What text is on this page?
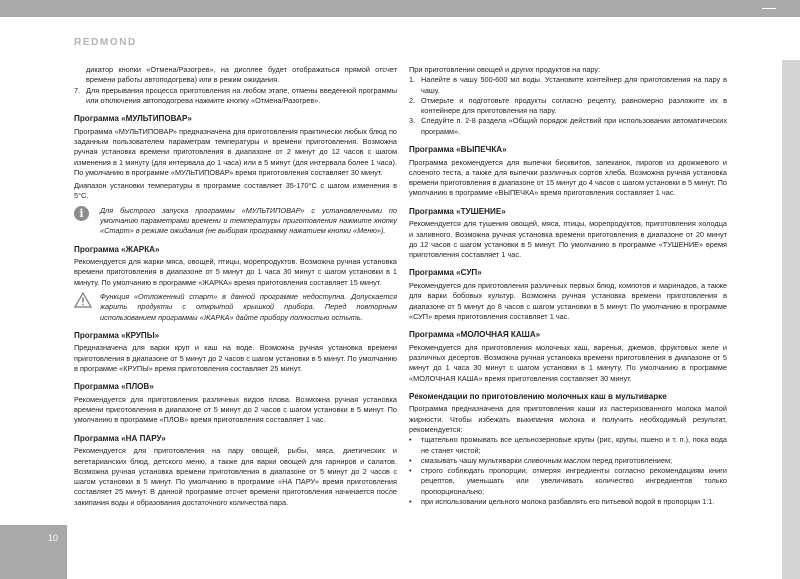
REDMOND
10

дикатор кнопки «Отмена/Разогрев», на дисплее будет отображаться прямой отсчет времени работы автоподогрева) или в режим ожидания.

7. Для прерывания процесса приготовления на любом этапе, отмены введенной программы или отключения автоподогрева нажмите кнопку «Отмена/Разогрев».

Программа «МУЛЬТИПОВАР»

Программа «МУЛЬТИПОВАР» предназначена для приготовления практически любых блюд по заданным пользователем параметрам температуры и времени приготовления. Возможна ручная установка времени приготовления в диапазоне от 2 минут до 12 часов с шагом изменения в 1 минуту (для интервала до 1 часа) или в 5 минут (для интервала более 1 часа). По умолчанию в программе «МУЛЬТИПОВАР» время приготовления составляет 30 минут.

Диапазон установки температуры в программе составляет 35-170°С с шагом изменения в 5°С.

i	Для быстрого запуска программы «МУЛЬТИПОВАР» с установленными по умолчанию параметрами времени и температуры приготовления нажмите кнопку «Старт» в режиме ожидания (не выбирая программу нажатием кнопки «Меню»).

Программа «ЖАРКА»

Рекомендуется для жарки мяса, овощей, птицы, морепродуктов. Возможна ручная установка времени приготовления в диапазоне от 5 минут до 1 часа 30 минут с шагом установки в 1 минуту. По умолчанию в программе «ЖАРКА» время приготовления составляет 15 минут.

Функция «Отложенный старт» в данной программе недоступна. Допускается жарить продукты с открытой крышкой прибора. Перед повторным использованием программы «ЖАРКА» дайте прибору полностью остыть.

Программа «КРУПЫ»

Предназначена для варки круп и каш на воде. Возможна ручная установка времени приготовления в диапазоне от 5 минут до 2 часов с шагом установки в 5 минут. По умолчанию в программе «КРУПЫ» время приготовления составляет 25 минут.

Программа «ПЛОВ»

Рекомендуется для приготовления различных видов плова. Возможна ручная установка времени приготовления в диапазоне от 5 минут до 2 часов с шагом установки в 5 минут. По умолчанию в программе «ПЛОВ» время приготовления составляет 1 час.

Программа «НА ПАРУ»

Рекомендуется для приготовления на пару овощей, рыбы, мяса, диетических и вегетарианских блюд, детского меню, а также для варки овощей для гарниров и салатов. Возможна ручная установка времени приготовления в диапазоне от 5 минут до 2 часов с шагом установки в 5 минут. По умолчанию в программе «НА ПАРУ» время приготовления составляет 25 минут. В данной программе отсчет времени приготовления начинается после закипания воды и образования достаточного количества пара.

При приготовлении овощей и других продуктов на пару:

1. Налейте в чашу 500-600 мл воды. Установите контейнер для приготовления на пару в чашу.

2. Отмерьте и подготовьте продукты согласно рецепту, равномерно разложите их в контейнере для приготовления на пару.

3. Следуйте п. 2-8 раздела «Общий порядок действий при использовании автоматических программ».

Программа «ВЫПЕЧКА»

Программа рекомендуется для выпечки бисквитов, запеканок, пирогов из дрожжевого и слоеного теста, а также для выпечки различных сортов хлеба. Возможна ручная установка времени приготовления в диапазоне от 15 минут до 4 часов с шагом установки в 5 минут. По умолчанию в программе «ВЫПЕЧКА» время приготовления составляет 1 час.

Программа «ТУШЕНИЕ»

Рекомендуется для тушения овощей, мяса, птицы, морепродуктов, приготовления холодца и заливного. Возможна ручная установка времени приготовления в диапазоне от 20 минут до 12 часов с шагом установки в 5 минут. По умолчанию в программе «ТУШЕНИЕ» время приготовления составляет 1 час.

Программа «СУП»

Рекомендуется для приготовления различных первых блюд, компотов и маринадов, а также для варки бобовых культур. Возможна ручная установка времени приготовления в диапазоне от 5 минут до 8 часов с шагом установки в 5 минут. По умолчанию в программе «СУП» время приготовления составляет 1 час.

Программа «МОЛОЧНАЯ КАША»

Рекомендуется для приготовления молочных каш, варенья, джемов, фруктовых желе и различных десертов. Возможна ручная установка времени приготовления в диапазоне от 5 минут до 1 часа 30 минут с шагом установки в 1 минуту. По умолчанию в программе «МОЛОЧНАЯ КАША» время приготовления составляет 30 минут.

Рекомендации по приготовлению молочных каш в мультиварке

Программа предназначена для приготовления каши из пастеризованного молока малой жирности. Чтобы избежать выкипания молока и получить необходимый результат, рекомендуется:

•	тщательно промывать все цельнозерновые крупы (рис, крупы, пшено и т. п.), пока вода не станет чистой;
•	смазывать чашу мультиварки сливочным маслом перед приготовлением;
•	строго соблюдать пропорции, отмеряя ингредиенты согласно рекомендациям книги рецептов, уменьшать или увеличивать количество ингредиентов только пропорционально;
•	при использовании цельного молока разбавлять его питьевой водой в пропорции 1:1.
